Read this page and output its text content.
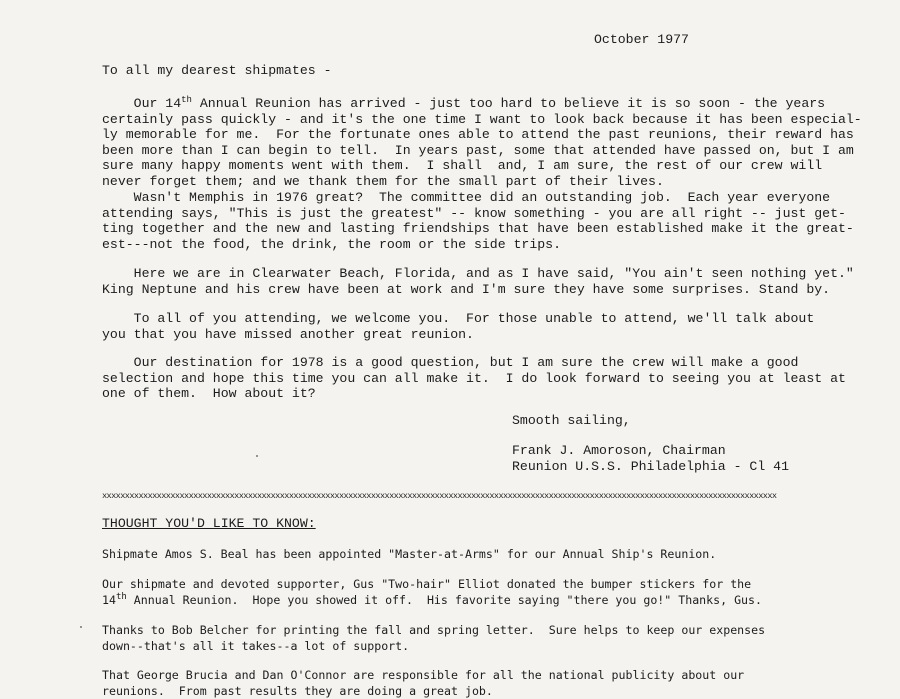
October 1977
To all my dearest shipmates -
Our 14th Annual Reunion has arrived - just too hard to believe it is so soon - the years
certainly pass quickly - and it's the one time I want to look back because it has been especial-
ly memorable for me.  For the fortunate ones able to attend the past reunions, their reward has
been more than I can begin to tell.  In years past, some that attended have passed on, but I am
sure many happy moments went with them.  I shall  and, I am sure, the rest of our crew will
never forget them; and we thank them for the small part of their lives.
Wasn't Memphis in 1976 great?  The committee did an outstanding job.  Each year everyone
attending says, "This is just the greatest" -- know something - you are all right -- just get-
ting together and the new and lasting friendships that have been established make it the great-
est---not the food, the drink, the room or the side trips.
Here we are in Clearwater Beach, Florida, and as I have said, "You ain't seen nothing yet."
King Neptune and his crew have been at work and I'm sure they have some surprises. Stand by.
To all of you attending, we welcome you.  For those unable to attend, we'll talk about
you that you have missed another great reunion.
Our destination for 1978 is a good question, but I am sure the crew will make a good
selection and hope this time you can all make it.  I do look forward to seeing you at least at
one of them.  How about it?
Smooth sailing,
Frank J. Amoroson, Chairman
Reunion U.S.S. Philadelphia - Cl 41
xxxxxxxxxxxxxxxxxxxxxxxxxxxxxxxxxxxxxxxxxxxxxxxxxxxxxxxxxxxxxxxxxxxxxxxxxxxxxxxxxxxxxxxxxxxxxxxxxxxxxxxxxxxxxxxxxxxxxxxxxxxxxxxxxxxxxxxxxxxxxxxxxxxx
THOUGHT YOU'D LIKE TO KNOW:
Shipmate Amos S. Beal has been appointed "Master-at-Arms" for our Annual Ship's Reunion.
Our shipmate and devoted supporter, Gus "Two-hair" Elliot donated the bumper stickers for the
14th Annual Reunion.  Hope you showed it off.  His favorite saying "there you go!" Thanks, Gus.
Thanks to Bob Belcher for printing the fall and spring letter.  Sure helps to keep our expenses
down--that's all it takes--a lot of support.
That George Brucia and Dan O'Connor are responsible for all the national publicity about our
reunions.  From past results they are doing a great job.
